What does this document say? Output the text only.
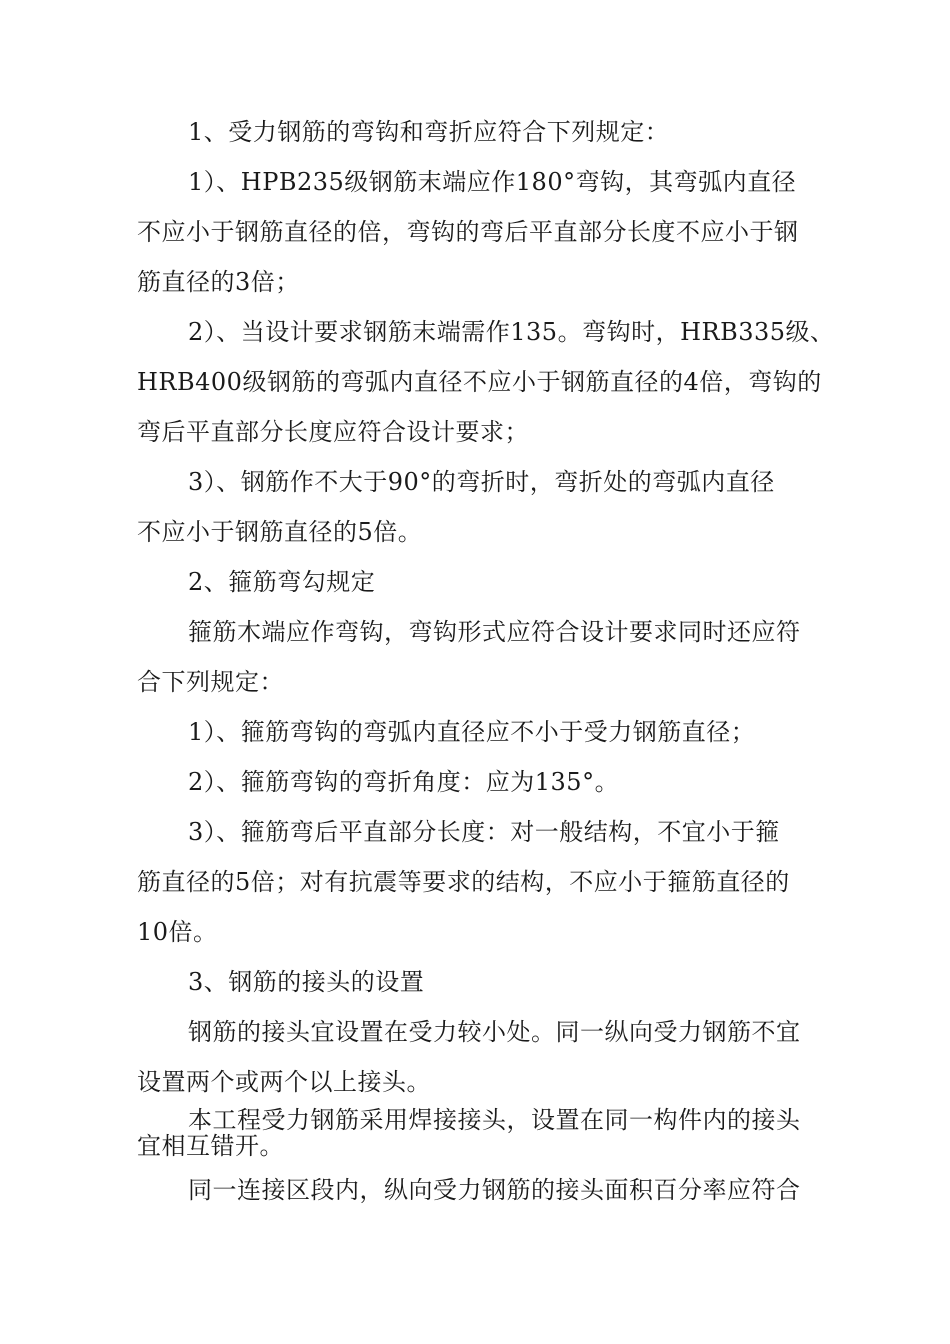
1、受力钢筋的弯钩和弯折应符合下列规定：
1）、HPB235级钢筋末端应作180°弯钩，其弯弧内直径
不应小于钢筋直径的倍，弯钩的弯后平直部分长度不应小于钢
筋直径的3倍；
2）、当设计要求钢筋末端需作135。弯钩时，HRB335级、
HRB400级钢筋的弯弧内直径不应小于钢筋直径的4倍，弯钩的
弯后平直部分长度应符合设计要求；
3）、钢筋作不大于90°的弯折时，弯折处的弯弧内直径
不应小于钢筋直径的5倍。
2、箍筋弯勾规定
箍筋木端应作弯钩，弯钩形式应符合设计要求同时还应符
合下列规定：
1）、箍筋弯钩的弯弧内直径应不小于受力钢筋直径；
2）、箍筋弯钩的弯折角度：应为135°。
3）、箍筋弯后平直部分长度：对一般结构，不宜小于箍
筋直径的5倍；对有抗震等要求的结构，不应小于箍筋直径的
10倍。
3、钢筋的接头的设置
钢筋的接头宜设置在受力较小处。同一纵向受力钢筋不宜
设置两个或两个以上接头。
本工程受力钢筋采用焊接接头，设置在同一构件内的接头
宜相互错开。
同一连接区段内，纵向受力钢筋的接头面积百分率应符合
